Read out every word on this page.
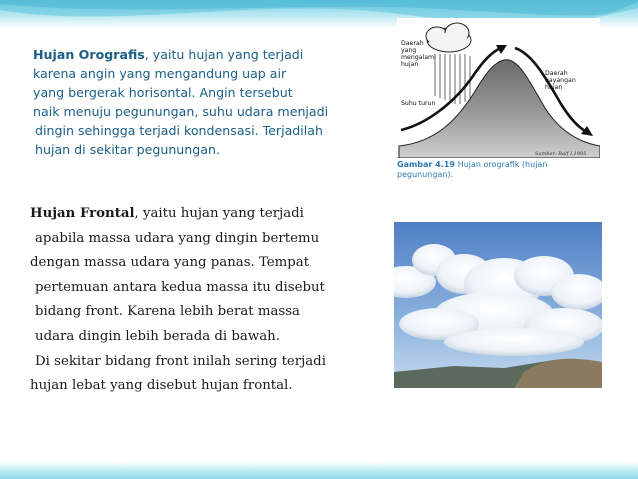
Hujan Orografis, yaitu hujan yang terjadi
karena angin yang mengandung uap air
yang bergerak horisontal. Angin tersebut
naik menuju pegunungan, suhu udara menjadi
dingin sehingga terjadi kondensasi. Terjadilah
hujan di sekitar pegunungan.
Hujan Frontal, yaitu hujan yang terjadi
apabila massa udara yang dingin bertemu
dengan massa udara yang panas. Tempat
pertemuan antara kedua massa itu disebut
bidang front. Karena lebih berat massa
udara dingin lebih berada di bawah.
Di sekitar bidang front inilah sering terjadi
hujan lebat yang disebut hujan frontal.
Daerah
yang
mengalami
hujan
Daerah
bayangan
hujan
Suhu turun
Sumber: Ralf I,1995
Gambar 4.19 Hujan orografik (hujan
pegunungan).
